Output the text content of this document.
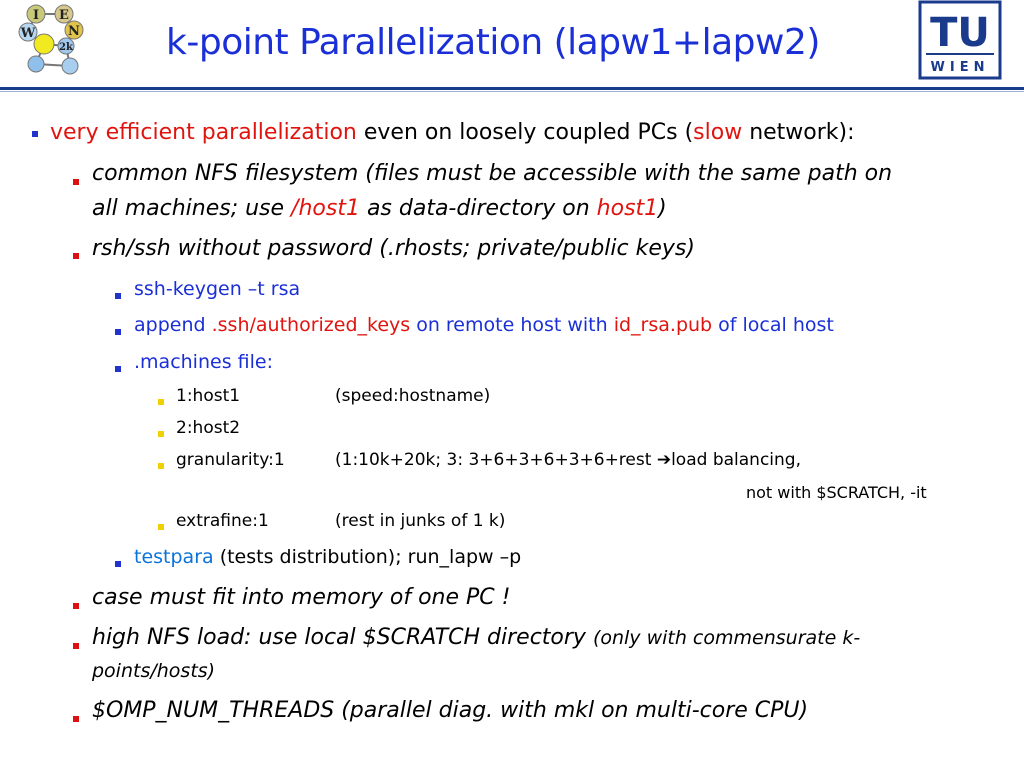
I E
N
W
2k	TU
WIEN
k-point Parallelization (lapw1+lapw2)
very efficient parallelization even on loosely coupled PCs (slow network):
common NFS filesystem (files must be accessible with the same path on
all machines; use /host1 as data-directory on host1)
rsh/ssh without password (.rhosts; private/public keys)
ssh-keygen –t rsa
append .ssh/authorized_keys on remote host with id_rsa.pub of local host
.machines file:
1:host1	(speed:hostname)
2:host2
granularity:1	(1:10k+20k; 3: 3+6+3+6+3+6+rest ➔load balancing,
not with $SCRATCH, -it
extrafine:1	(rest in junks of 1 k)
testpara (tests distribution); run_lapw –p
case must fit into memory of one PC !
high NFS load: use local $SCRATCH directory (only with commensurate k-
points/hosts)
$OMP_NUM_THREADS (parallel diag. with mkl on multi-core CPU)
